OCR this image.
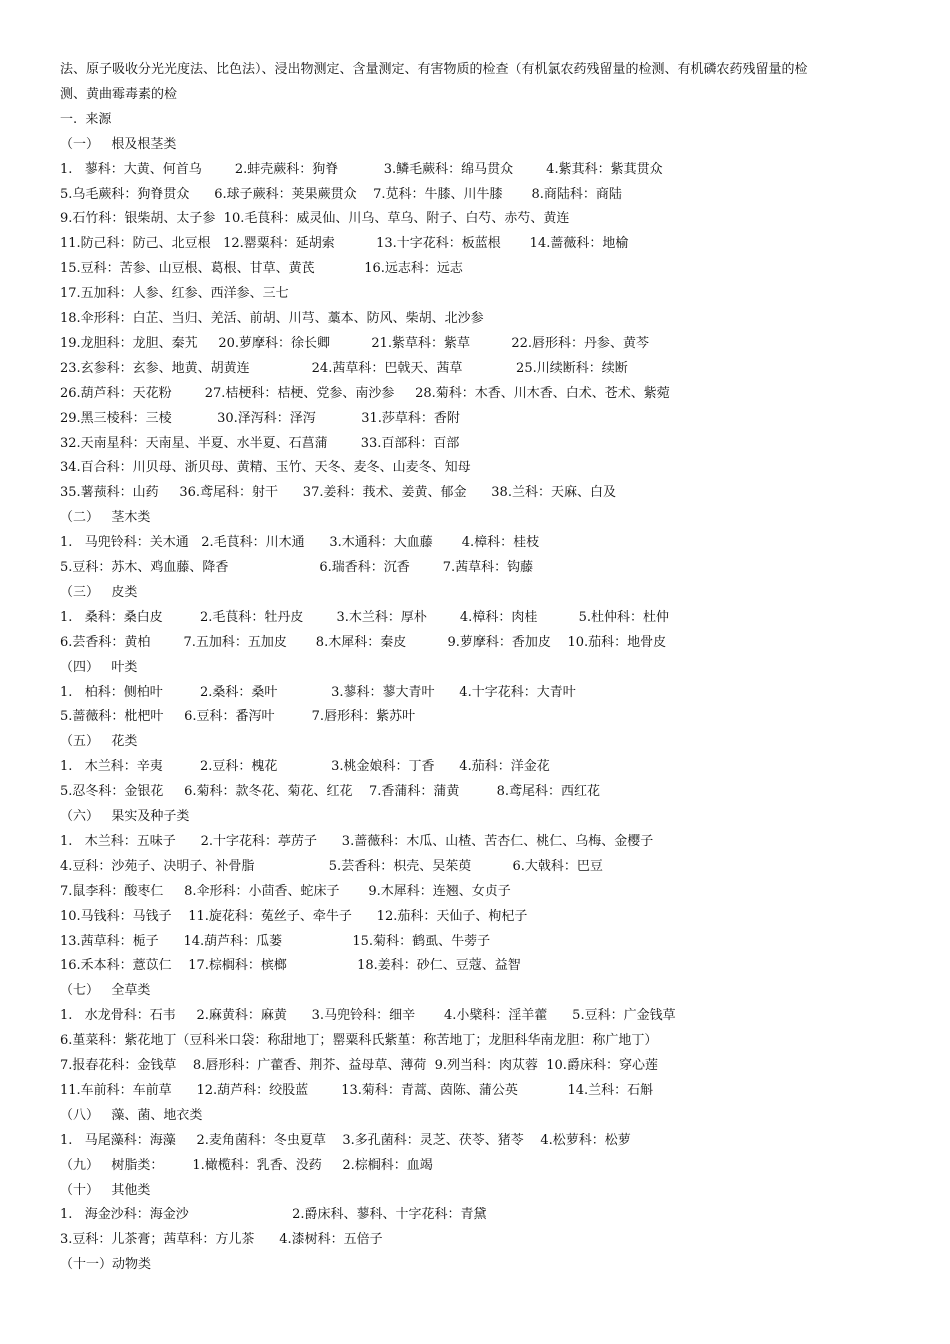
法、原子吸收分光光度法、比色法）、浸出物测定、含量测定、有害物质的检查（有机氯农药残留量的检测、有机磷农药残留量的检
测、黄曲霉毒素的检
一.  来源
（一）   根及根茎类
1.   蓼科：大黄、何首乌        2.蚌壳蕨科：狗脊           3.鳞毛蕨科：绵马贯众        4.紫萁科：紫萁贯众
5.乌毛蕨科：狗脊贯众      6.球子蕨科：荚果蕨贯众    7.苋科：牛膝、川牛膝       8.商陆科：商陆
9.石竹科：银柴胡、太子参  10.毛茛科：威灵仙、川乌、草乌、附子、白芍、赤芍、黄连
11.防己科：防己、北豆根   12.罂粟科：延胡索          13.十字花科：板蓝根       14.蔷薇科：地榆
15.豆科：苦参、山豆根、葛根、甘草、黄芪            16.远志科：远志
17.五加科：人参、红参、西洋参、三七
18.伞形科：白芷、当归、羌活、前胡、川芎、藁本、防风、柴胡、北沙参
19.龙胆科：龙胆、秦艽     20.萝摩科：徐长卿          21.紫草科：紫草          22.唇形科：丹参、黄芩
23.玄参科：玄参、地黄、胡黄连               24.茜草科：巴戟天、茜草             25.川续断科：续断
26.葫芦科：天花粉        27.桔梗科：桔梗、党参、南沙参     28.菊科：木香、川木香、白术、苍术、紫菀
29.黑三棱科：三棱           30.泽泻科：泽泻           31.莎草科：香附
32.天南星科：天南星、半夏、水半夏、石菖蒲        33.百部科：百部
34.百合科：川贝母、浙贝母、黄精、玉竹、天冬、麦冬、山麦冬、知母
35.薯蓣科：山药     36.鸢尾科：射干      37.姜科：莪术、姜黄、郁金      38.兰科：天麻、白及
（二）   茎木类
1.   马兜铃科：关木通   2.毛茛科：川木通      3.木通科：大血藤       4.樟科：桂枝
5.豆科：苏木、鸡血藤、降香                      6.瑞香科：沉香        7.茜草科：钩藤
（三）   皮类
1.   桑科：桑白皮         2.毛茛科：牡丹皮        3.木兰科：厚朴        4.樟科：肉桂          5.杜仲科：杜仲
6.芸香科：黄柏        7.五加科：五加皮       8.木犀科：秦皮          9.萝摩科：香加皮    10.茄科：地骨皮
（四）   叶类
1.   柏科：侧柏叶         2.桑科：桑叶             3.蓼科：蓼大青叶      4.十字花科：大青叶
5.蔷薇科：枇杷叶     6.豆科：番泻叶         7.唇形科：紫苏叶
（五）   花类
1.   木兰科：辛夷         2.豆科：槐花             3.桃金娘科：丁香      4.茄科：洋金花
5.忍冬科：金银花     6.菊科：款冬花、菊花、红花    7.香蒲科：蒲黄         8.鸢尾科：西红花
（六）   果实及种子类
1.   木兰科：五味子      2.十字花科：葶苈子      3.蔷薇科：木瓜、山楂、苦杏仁、桃仁、乌梅、金樱子
4.豆科：沙苑子、决明子、补骨脂                  5.芸香科：枳壳、吴茱萸          6.大戟科：巴豆
7.鼠李科：酸枣仁     8.伞形科：小茴香、蛇床子       9.木犀科：连翘、女贞子
10.马钱科：马钱子    11.旋花科：菟丝子、牵牛子      12.茄科：天仙子、枸杞子
13.茜草科：栀子      14.葫芦科：瓜蒌                 15.菊科：鹤虱、牛蒡子
16.禾本科：薏苡仁    17.棕榈科：槟榔                 18.姜科：砂仁、豆蔻、益智
（七）   全草类
1.   水龙骨科：石韦     2.麻黄科：麻黄      3.马兜铃科：细辛       4.小檗科：淫羊藿      5.豆科：广金钱草
6.堇菜科：紫花地丁（豆科米口袋：称甜地丁；罂粟科氏紫堇：称苦地丁；龙胆科华南龙胆：称广地丁）
7.报春花科：金钱草    8.唇形科：广藿香、荆芥、益母草、薄荷  9.列当科：肉苁蓉  10.爵床科：穿心莲
11.车前科：车前草      12.葫芦科：绞股蓝        13.菊科：青蒿、茵陈、蒲公英            14.兰科：石斛
（八）   藻、菌、地衣类
1.   马尾藻科：海藻     2.麦角菌科：冬虫夏草    3.多孔菌科：灵芝、茯苓、猪苓    4.松萝科：松萝
（九）   树脂类：       1.橄榄科：乳香、没药     2.棕榈科：血竭
（十）   其他类
1.   海金沙科：海金沙                         2.爵床科、蓼科、十字花科：青黛
3.豆科：儿茶膏；茜草科：方儿茶      4.漆树科：五倍子
（十一）动物类
